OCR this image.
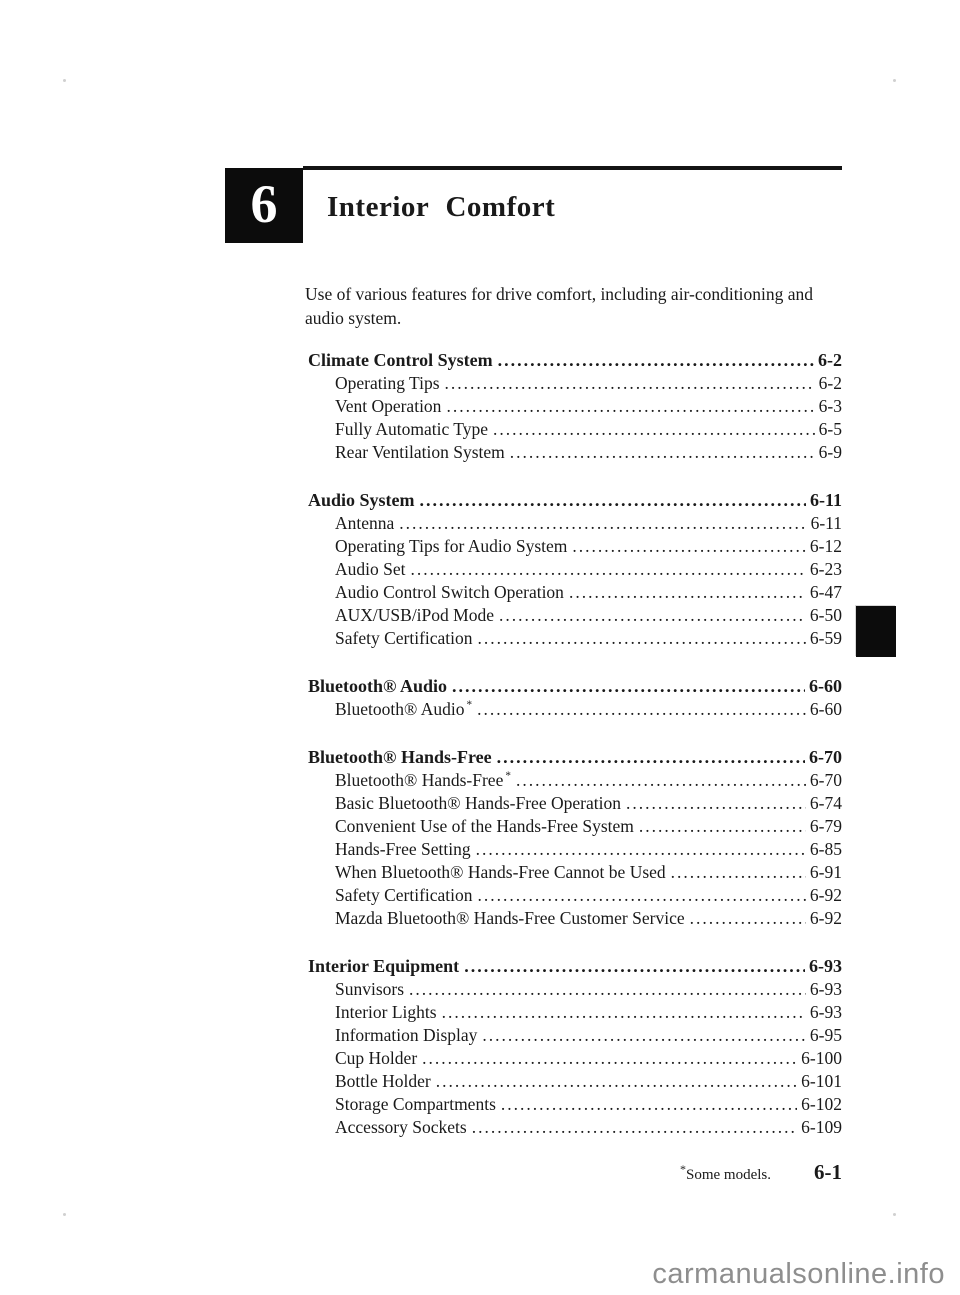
6 Interior Comfort

Use of various features for drive comfort, including air-conditioning and audio system.

Climate Control System .....	6-2
Operating Tips .....	6-2
Vent Operation .....	6-3
Fully Automatic Type .....	6-5
Rear Ventilation System .....	6-9
Audio System .....	6-11
Antenna .....	6-11
Operating Tips for Audio System .....	6-12
Audio Set .....	6-23
Audio Control Switch Operation .....	6-47
AUX/USB/iPod Mode .....	6-50
Safety Certification .....	6-59
Bluetooth® Audio .....	6-60
Bluetooth® Audio * .....	6-60
Bluetooth® Hands-Free .....	6-70
Bluetooth® Hands-Free * .....	6-70
Basic Bluetooth® Hands-Free Operation .....	6-74
Convenient Use of the Hands-Free System .....	6-79
Hands-Free Setting .....	6-85
When Bluetooth® Hands-Free Cannot be Used .....	6-91
Safety Certification .....	6-92
Mazda Bluetooth® Hands-Free Customer Service .....	6-92
Interior Equipment .....	6-93
Sunvisors .....	6-93
Interior Lights .....	6-93
Information Display .....	6-95
Cup Holder .....	6-100
Bottle Holder .....	6-101
Storage Compartments .....	6-102
Accessory Sockets .....	6-109
*Some models. 6-1
carmanualsonline.info
